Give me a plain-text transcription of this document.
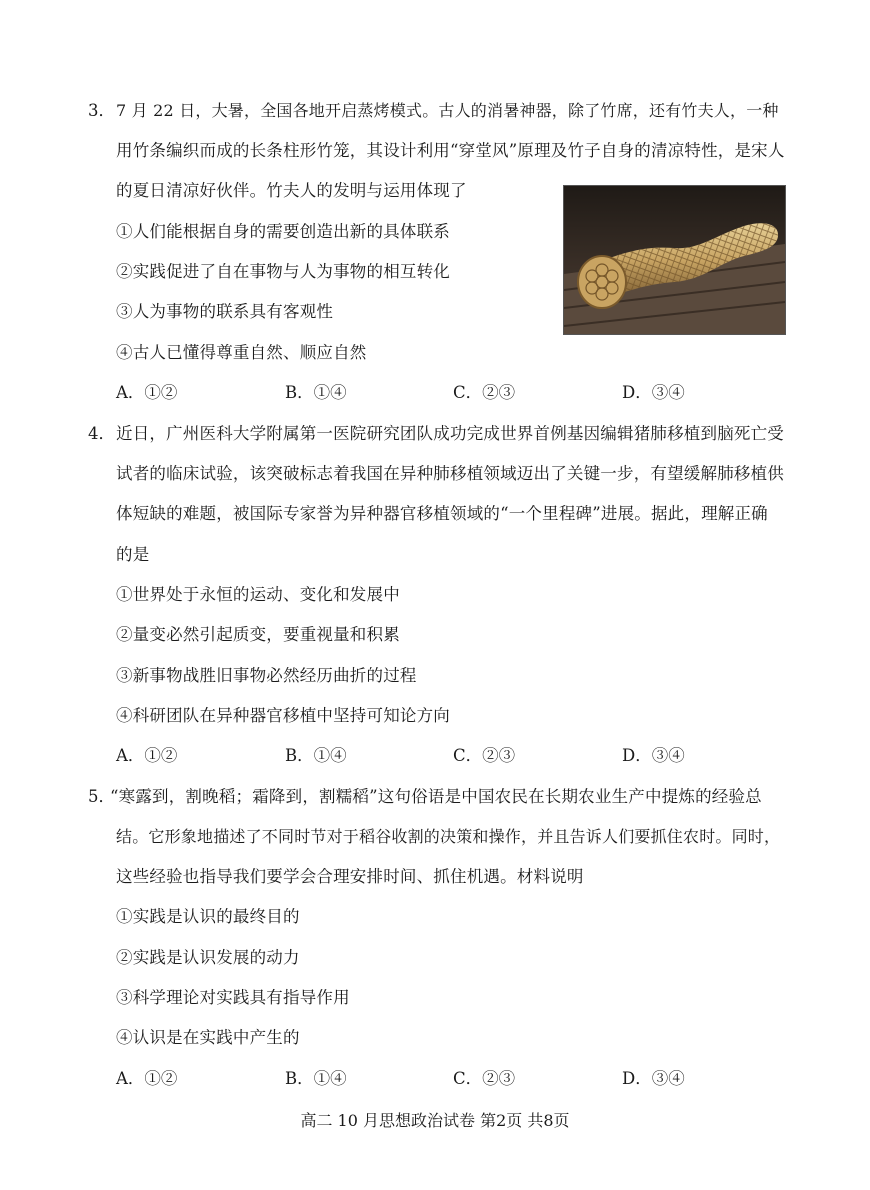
3． 7 月 22 日，大暑，全国各地开启蒸烤模式。古人的消暑神器，除了竹席，还有竹夫人，一种
用竹条编织而成的长条柱形竹笼，其设计利用“穿堂风”原理及竹子自身的清凉特性，是宋人
的夏日清凉好伙伴。竹夫人的发明与运用体现了
①人们能根据自身的需要创造出新的具体联系
②实践促进了自在事物与人为事物的相互转化
③人为事物的联系具有客观性
④古人已懂得尊重自然、顺应自然
A．①②	B．①④	C．②③	D．③④
4． 近日，广州医科大学附属第一医院研究团队成功完成世界首例基因编辑猪肺移植到脑死亡受
试者的临床试验，该突破标志着我国在异种肺移植领域迈出了关键一步，有望缓解肺移植供
体短缺的难题，被国际专家誉为异种器官移植领域的“一个里程碑”进展。据此，理解正确
的是
①世界处于永恒的运动、变化和发展中
②量变必然引起质变，要重视量和积累
③新事物战胜旧事物必然经历曲折的过程
④科研团队在异种器官移植中坚持可知论方向
A．①②	B．①④	C．②③	D．③④
5．
“寒露到，割晚稻；霜降到，割糯稻”这句俗语是中国农民在长期农业生产中提炼的经验总
结。它形象地描述了不同时节对于稻谷收割的决策和操作，并且告诉人们要抓住农时。同时，
这些经验也指导我们要学会合理安排时间、抓住机遇。材料说明
①实践是认识的最终目的
②实践是认识发展的动力
③科学理论对实践具有指导作用
④认识是在实践中产生的
A．①②	B．①④	C．②③	D．③④
高二 10 月思想政治试卷 第2页 共8页
